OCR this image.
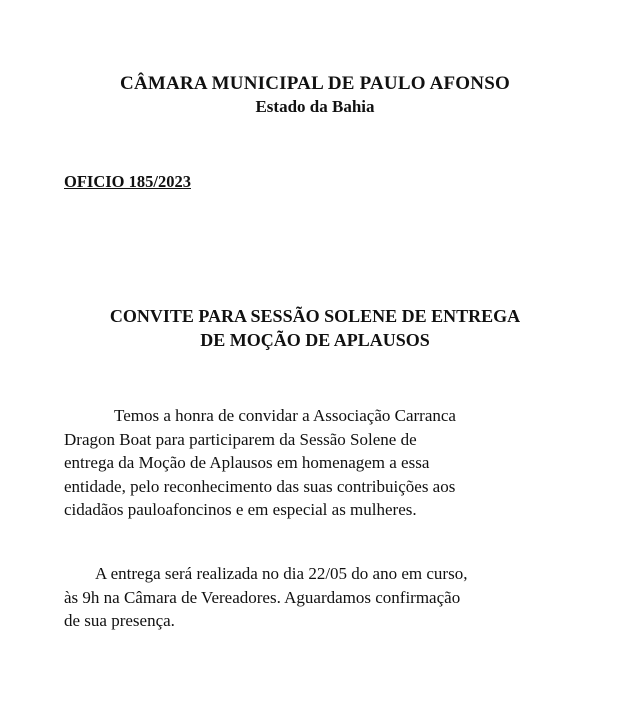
CÂMARA MUNICIPAL DE PAULO AFONSO
Estado da Bahia
OFICIO 185/2023
CONVITE PARA SESSÃO SOLENE DE ENTREGA
DE MOÇÃO DE APLAUSOS
Temos a honra de convidar a Associação Carranca
Dragon Boat para participarem da Sessão Solene de
entrega da Moção de Aplausos em homenagem a essa
entidade, pelo reconhecimento das suas contribuições aos
cidadãos pauloafoncinos e em especial as mulheres.
A entrega será realizada no dia 22/05 do ano em curso,
às 9h na Câmara de Vereadores. Aguardamos confirmação
de sua presença.
